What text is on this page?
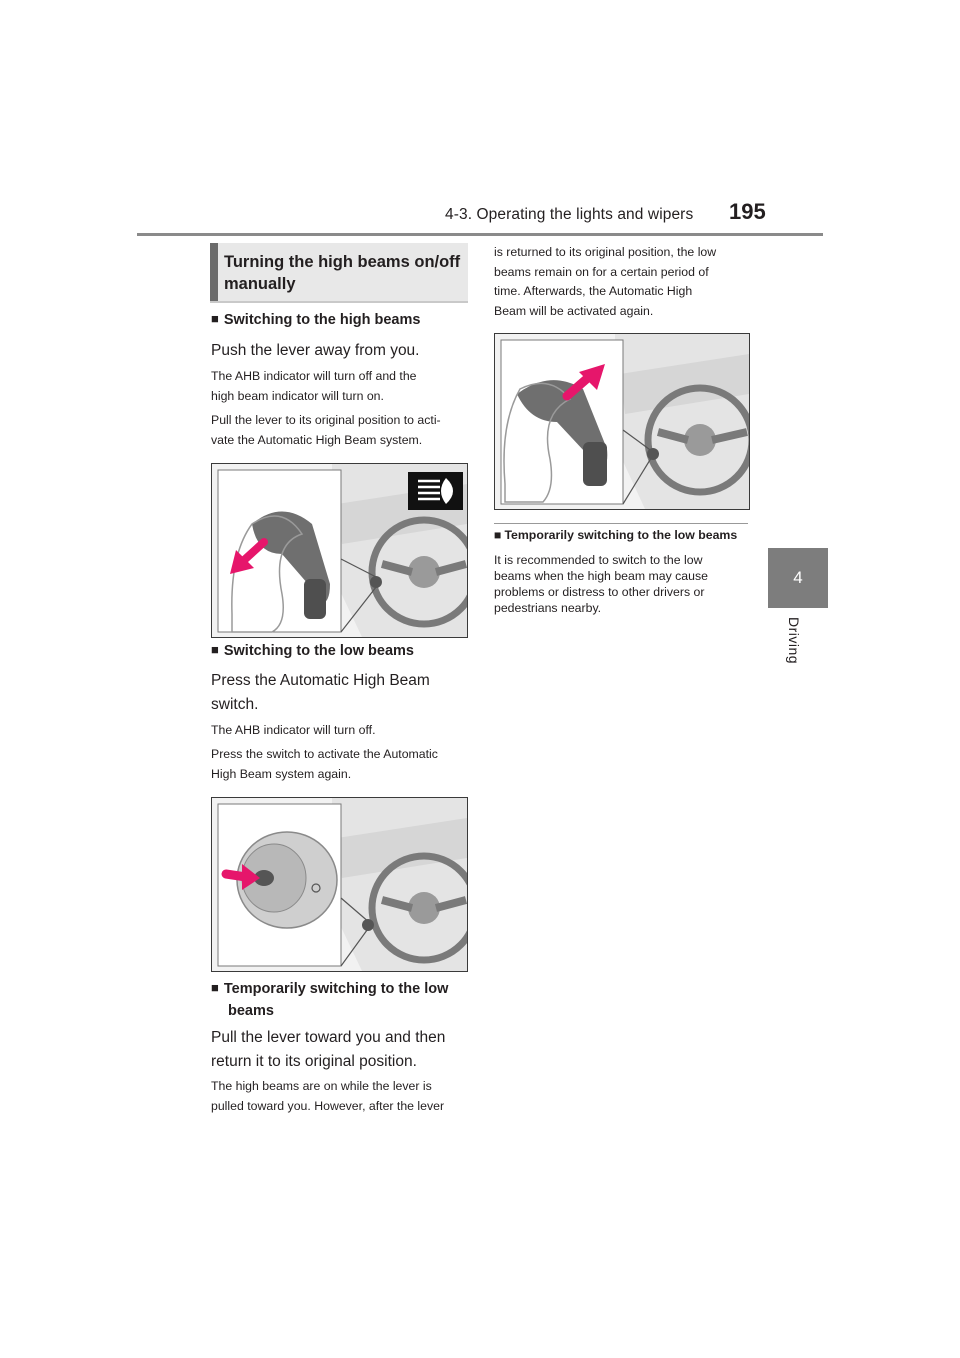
4-3. Operating the lights and wipers 195
4
Driving
Turning the high beams on/off
manually
■ Switching to the high beams
Push the lever away from you.
The AHB indicator will turn off and the
high beam indicator will turn on.
Pull the lever to its original position to acti-
vate the Automatic High Beam system.
■ Switching to the low beams
Press the Automatic High Beam
switch.
The AHB indicator will turn off.
Press the switch to activate the Automatic
High Beam system again.
■ Temporarily switching to the low
beams
Pull the lever toward you and then
return it to its original position.
The high beams are on while the lever is
pulled toward you. However, after the lever
is returned to its original position, the low
beams remain on for a certain period of
time. Afterwards, the Automatic High
Beam will be activated again.
■ Temporarily switching to the low beams
It is recommended to switch to the low
beams when the high beam may cause
problems or distress to other drivers or
pedestrians nearby.
